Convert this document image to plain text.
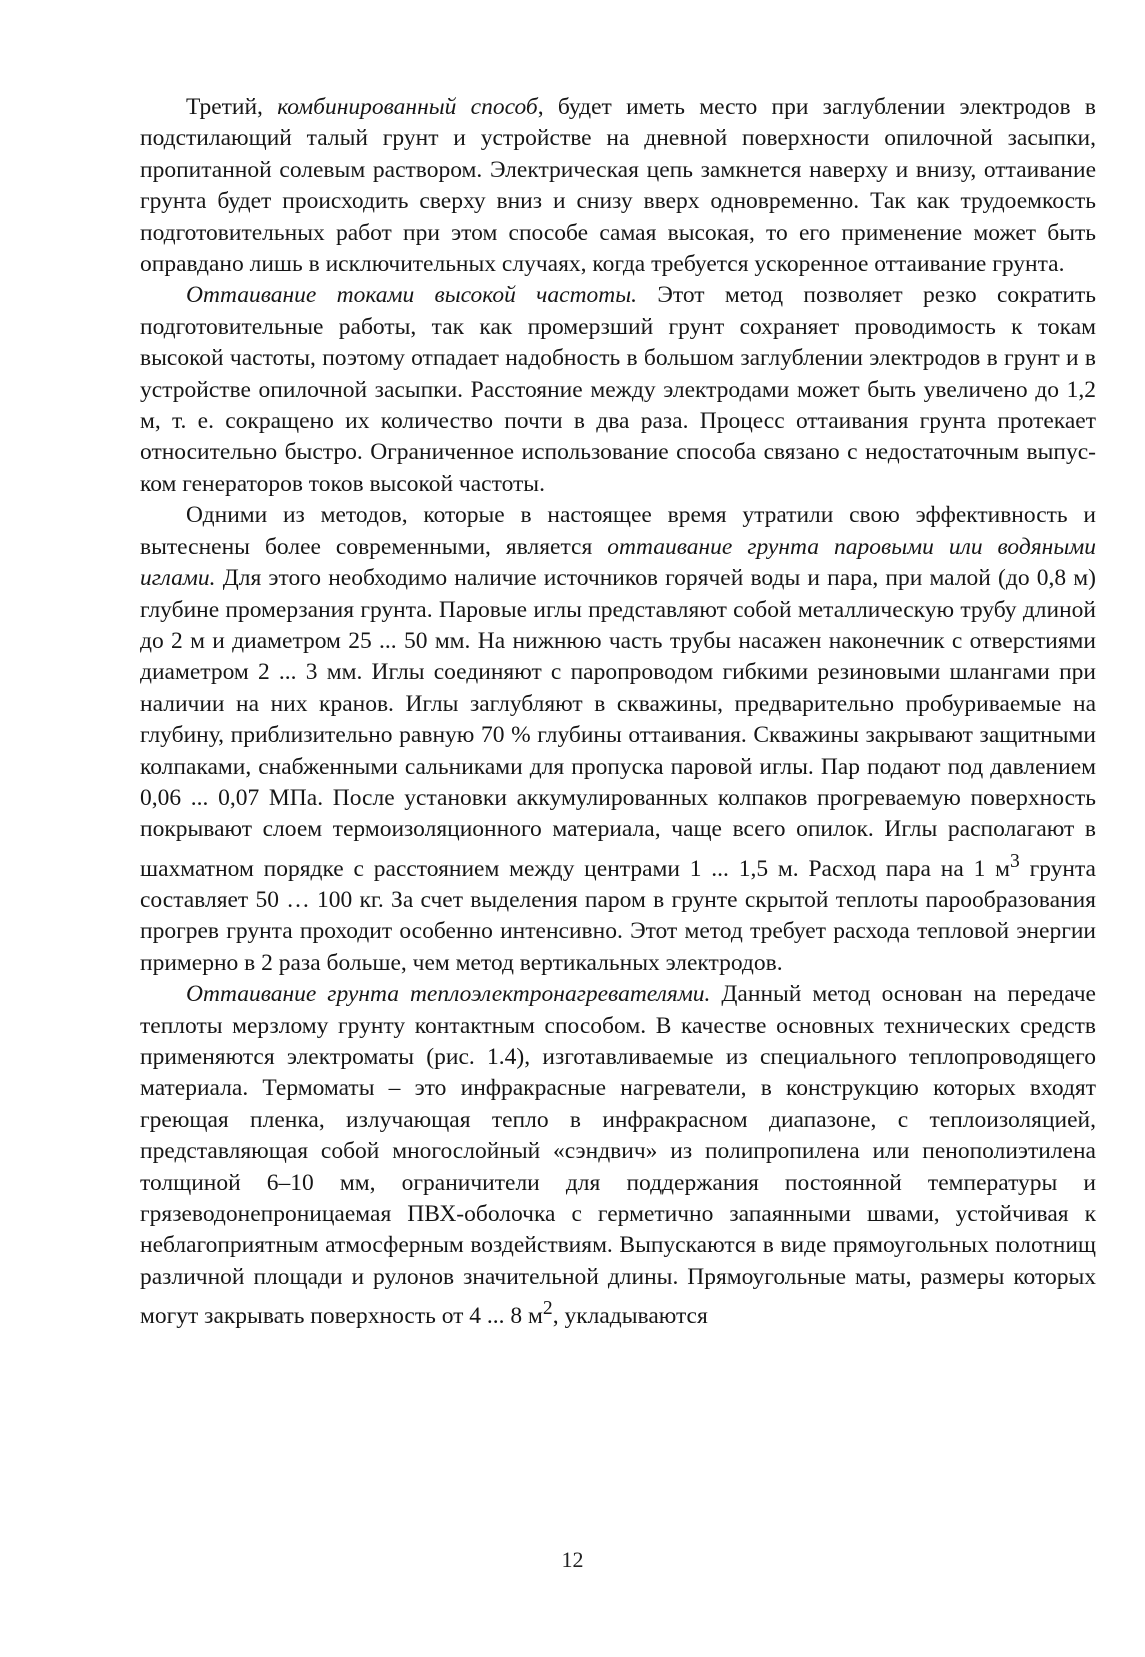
Третий, комбинированный способ, будет иметь место при заглублении электродов в подстилающий талый грунт и устройстве на дневной поверхности опилочной засыпки, пропитанной солевым раствором. Электрическая цепь замкнется наверху и внизу, оттаивание грунта будет происходить сверху вниз и снизу вверх одновременно. Так как трудоемкость подготовительных работ при этом способе самая высокая, то его применение может быть оправдано лишь в исключительных случаях, когда требуется ускоренное оттаивание грунта.

Оттаивание токами высокой частоты. Этот метод позволяет резко сократить подготовительные работы, так как промерзший грунт сохраняет проводимость к токам высокой частоты, поэтому отпадает надобность в большом заглублении электродов в грунт и в устройстве опилочной засыпки. Расстояние между электродами может быть увеличено до 1,2 м, т. е. сокращено их количество почти в два раза. Процесс оттаивания грунта протекает относительно быстро. Ограниченное использование способа связано с недостаточным выпуском генераторов токов высокой частоты.

Одними из методов, которые в настоящее время утратили свою эффективность и вытеснены более современными, является оттаивание грунта паровыми или водяными иглами. Для этого необходимо наличие источников горячей воды и пара, при малой (до 0,8 м) глубине промерзания грунта. Паровые иглы представляют собой металлическую трубу длиной до 2 м и диаметром 25 ... 50 мм. На нижнюю часть трубы насажен наконечник с отверстиями диаметром 2 ... 3 мм. Иглы соединяют с паропроводом гибкими резиновыми шлангами при наличии на них кранов. Иглы заглубляют в скважины, предварительно пробуриваемые на глубину, приблизительно равную 70 % глубины оттаивания. Скважины закрывают защитными колпаками, снабженными сальниками для пропуска паровой иглы. Пар подают под давлением 0,06 ... 0,07 МПа. После установки аккумулированных колпаков прогреваемую поверхность покрывают слоем термоизоляционного материала, чаще всего опилок. Иглы располагают в шахматном порядке с расстоянием между центрами 1 ... 1,5 м. Расход пара на 1 $м^3$ грунта составляет 50 … 100 кг. За счет выделения паром в грунте скрытой теплоты парообразования прогрев грунта проходит особенно интенсивно. Этот метод требует расхода тепловой энергии примерно в 2 раза больше, чем метод вертикальных электродов.

Оттаивание грунта теплоэлектронагревателями. Данный метод основан на передаче теплоты мерзлому грунту контактным способом. В качестве основных технических средств применяются электроматы (рис. 1.4), изготавливаемые из специального теплопроводящего материала. Термоматы – это инфракрасные нагреватели, в конструкцию которых входят греющая пленка, излучающая тепло в инфракрасном диапазоне, с теплоизоляцией, представляющая собой многослойный «сэндвич» из полипропилена или пенополиэтилена толщиной 6–10 мм, ограничители для поддержания постоянной температуры и грязеводонепроницаемая ПВХ-оболочка с герметично запаянными швами, устойчивая к неблагоприятным атмосферным воздействиям. Выпускаются в виде прямоугольных полотнищ различной площади и рулонов значительной длины. Прямоугольные маты, размеры которых могут закрывать поверхность от 4 ... 8 $м^2$, укладываются

12
